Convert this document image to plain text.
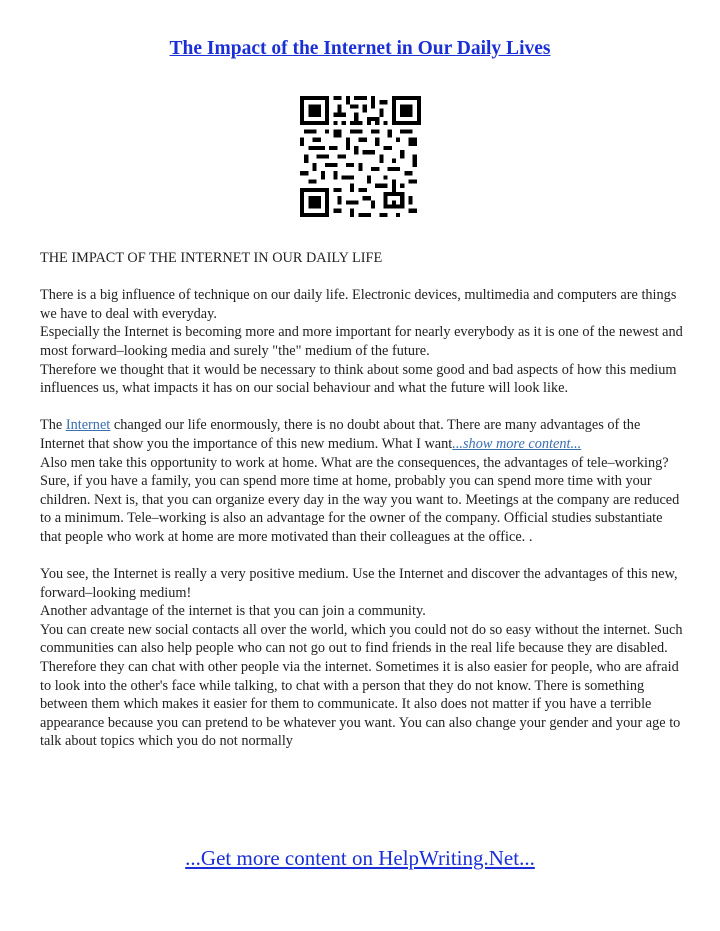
The Impact of the Internet in Our Daily Lives

THE IMPACT OF THE INTERNET IN OUR DAILY LIFE

There is a big influence of technique on our daily life. Electronic devices, multimedia and computers are things we have to deal with everyday.

Especially the Internet is becoming more and more important for nearly everybody as it is one of the newest and most forward–looking media and surely "the" medium of the future.

Therefore we thought that it would be necessary to think about some good and bad aspects of how this medium influences us, what impacts it has on our social behaviour and what the future will look like.

The Internet changed our life enormously, there is no doubt about that. There are many advantages of the Internet that show you the importance of this new medium. What I want...show more content...

Also men take this opportunity to work at home. What are the consequences, the advantages of tele–working? Sure, if you have a family, you can spend more time at home, probably you can spend more time with your children. Next is, that you can organize every day in the way you want to. Meetings at the company are reduced to a minimum. Tele–working is also an advantage for the owner of the company. Official studies substantiate that people who work at home are more motivated than their colleagues at the office. .

You see, the Internet is really a very positive medium. Use the Internet and discover the advantages of this new, forward–looking medium!

Another advantage of the internet is that you can join a community.

You can create new social contacts all over the world, which you could not do so easy without the internet. Such communities can also help people who can not go out to find friends in the real life because they are disabled. Therefore they can chat with other people via the internet. Sometimes it is also easier for people, who are afraid to look into the other's face while talking, to chat with a person that they do not know. There is something between them which makes it easier for them to communicate. It also does not matter if you have a terrible appearance because you can pretend to be whatever you want. You can also change your gender and your age to talk about topics which you do not normally

...Get more content on HelpWriting.Net...
